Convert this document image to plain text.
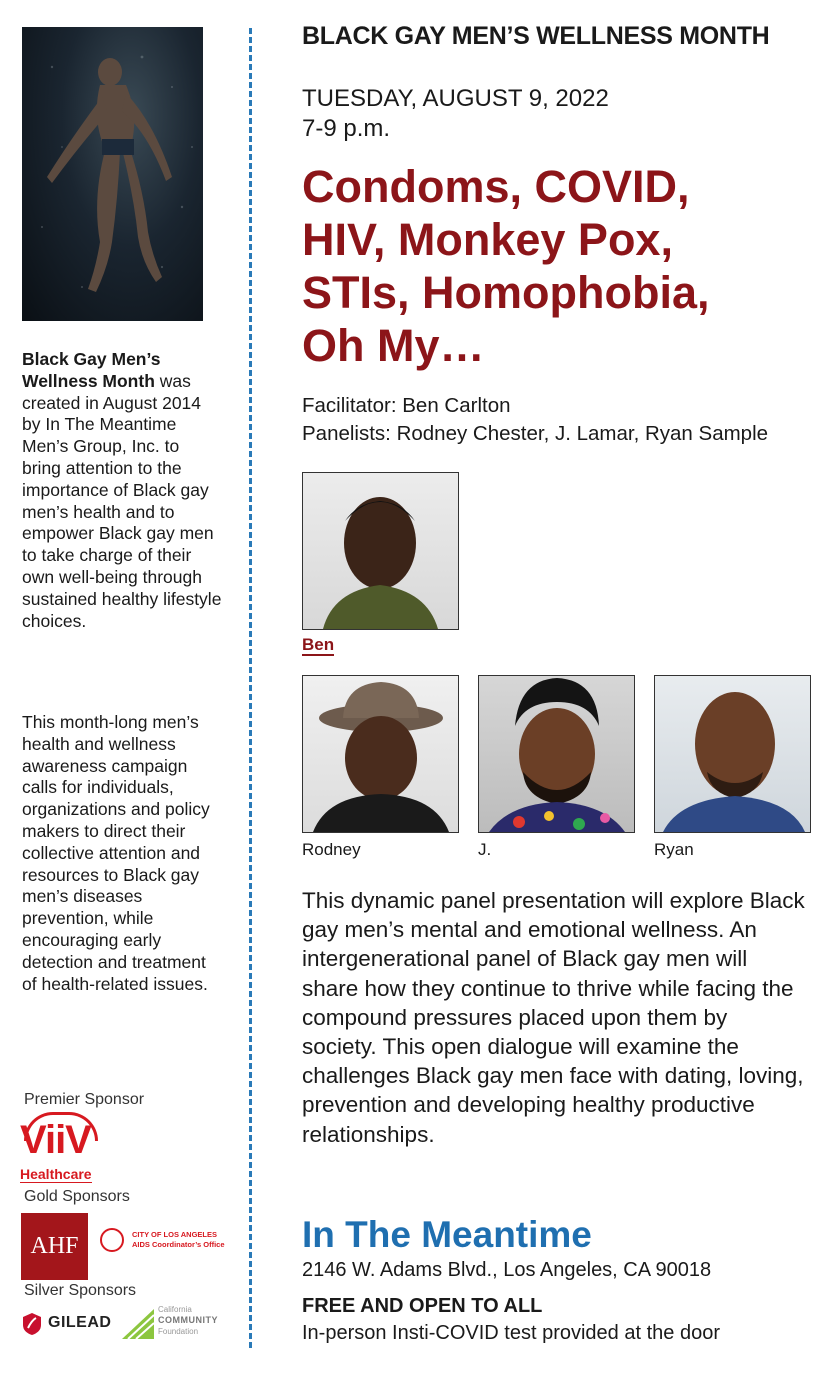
Black Gay Men’s Wellness Month was created in August 2014 by In The Meantime Men’s Group, Inc. to bring attention to the importance of Black gay men’s health and to empower Black gay men to take charge of their own well-being through sustained healthy lifestyle choices.
This month-long men’s health and wellness awareness campaign calls for individuals, organizations and policy makers to direct their collective attention and resources to Black gay men’s diseases prevention, while encouraging early detection and treatment of health-related issues.
Premier Sponsor
ViiV
Healthcare
Gold Sponsors
AHF	CITY OF LOS ANGELES
AIDS Coordinator’s Office
Silver Sponsors
GILEAD
California
COMMUNITY
Foundation
BLACK GAY MEN’S WELLNESS MONTH
TUESDAY, AUGUST 9, 2022
7-9 p.m.
Condoms, COVID,
HIV, Monkey Pox,
STIs, Homophobia,
Oh My…
Facilitator: Ben Carlton
Panelists: Rodney Chester, J. Lamar, Ryan Sample
Ben
Rodney	J.	Ryan
This dynamic panel presentation will explore Black gay men’s mental and emotional wellness. An intergenerational panel of Black gay men will share how they continue to thrive while facing the compound pressures placed upon them by society. This open dialogue will examine the challenges Black gay men face with dating, loving, prevention and developing healthy productive relationships.
In The Meantime
2146 W. Adams Blvd., Los Angeles, CA 90018
FREE AND OPEN TO ALL
In-person Insti-COVID test provided at the door
